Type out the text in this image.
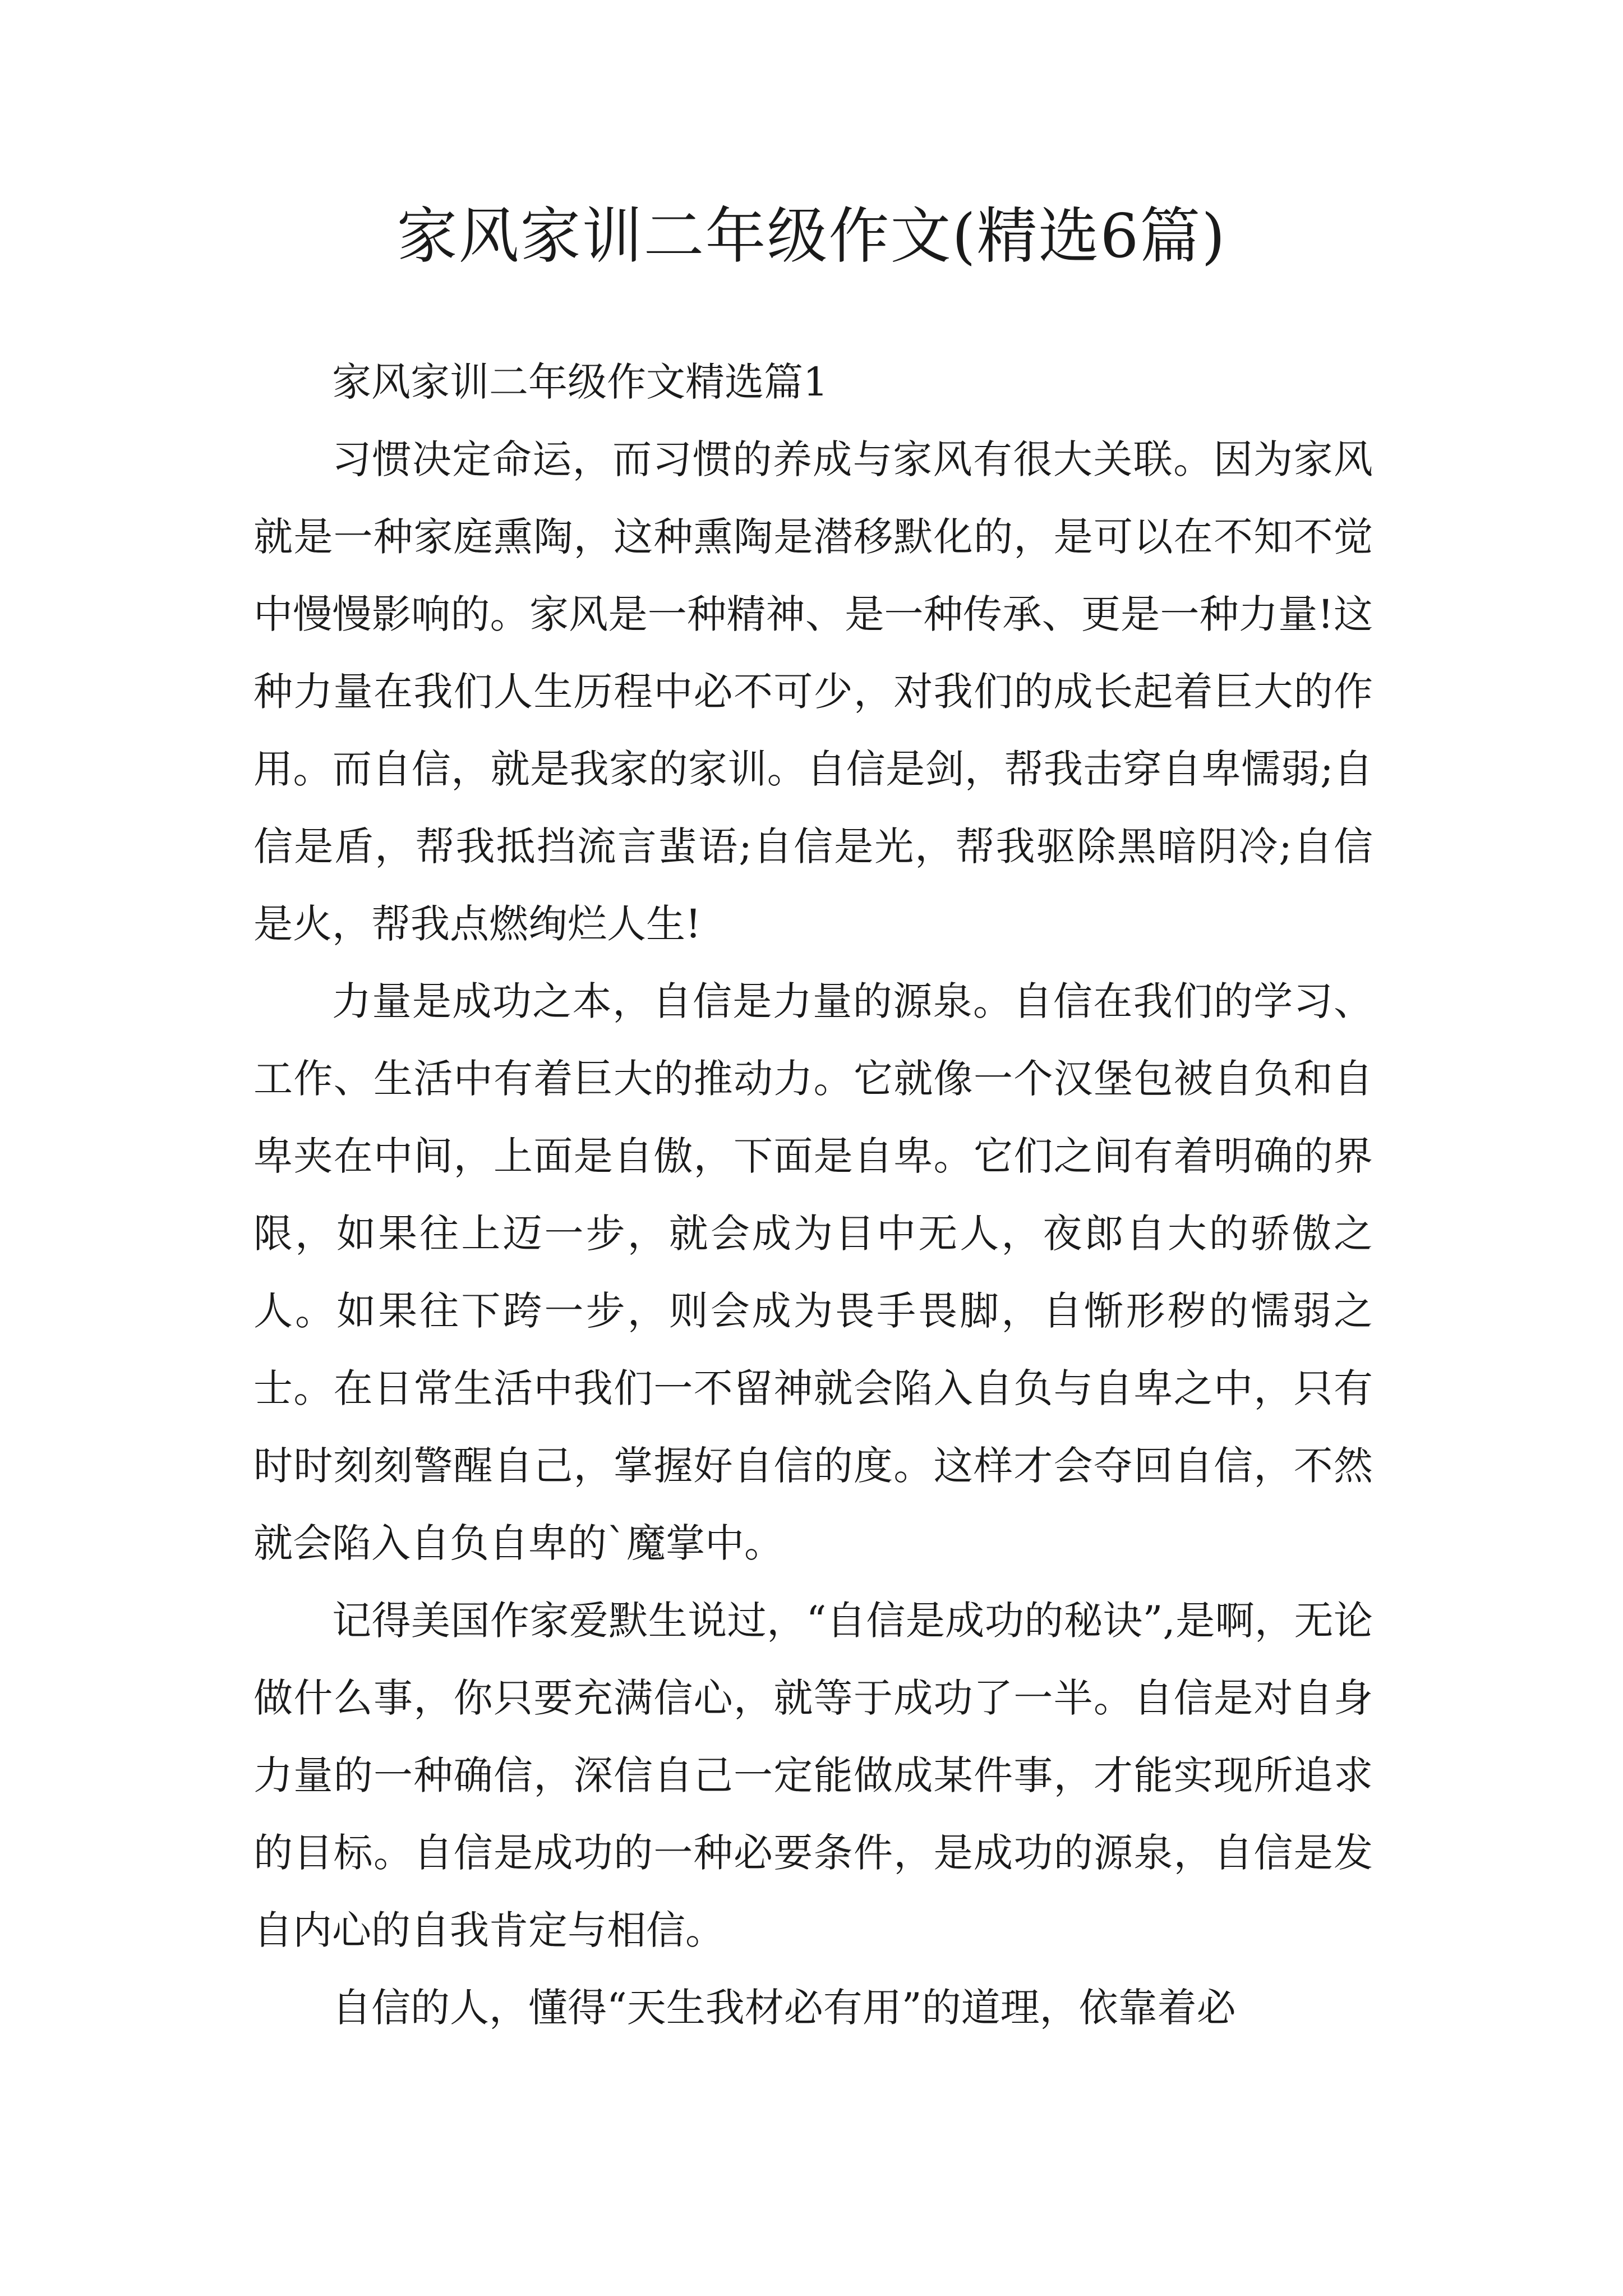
家风家训二年级作文(精选6篇)

家风家训二年级作文精选篇1

习惯决定命运，而习惯的养成与家风有很大关联。因为家风就是一种家庭熏陶，这种熏陶是潜移默化的，是可以在不知不觉中慢慢影响的。家风是一种精神、是一种传承、更是一种力量!这种力量在我们人生历程中必不可少，对我们的成长起着巨大的作用。而自信，就是我家的家训。自信是剑，帮我击穿自卑懦弱;自信是盾，帮我抵挡流言蜚语;自信是光，帮我驱除黑暗阴冷;自信是火，帮我点燃绚烂人生!

力量是成功之本，自信是力量的源泉。自信在我们的学习、工作、生活中有着巨大的推动力。它就像一个汉堡包被自负和自卑夹在中间，上面是自傲，下面是自卑。它们之间有着明确的界限，如果往上迈一步，就会成为目中无人，夜郎自大的骄傲之人。如果往下跨一步，则会成为畏手畏脚，自惭形秽的懦弱之士。在日常生活中我们一不留神就会陷入自负与自卑之中，只有时时刻刻警醒自己，掌握好自信的度。这样才会夺回自信，不然就会陷入自负自卑的`魔掌中。

记得美国作家爱默生说过，“自信是成功的秘诀”,是啊，无论做什么事，你只要充满信心，就等于成功了一半。自信是对自身力量的一种确信，深信自己一定能做成某件事，才能实现所追求的目标。自信是成功的一种必要条件，是成功的源泉，自信是发自内心的自我肯定与相信。

自信的人，懂得“天生我材必有用”的道理，依靠着必
